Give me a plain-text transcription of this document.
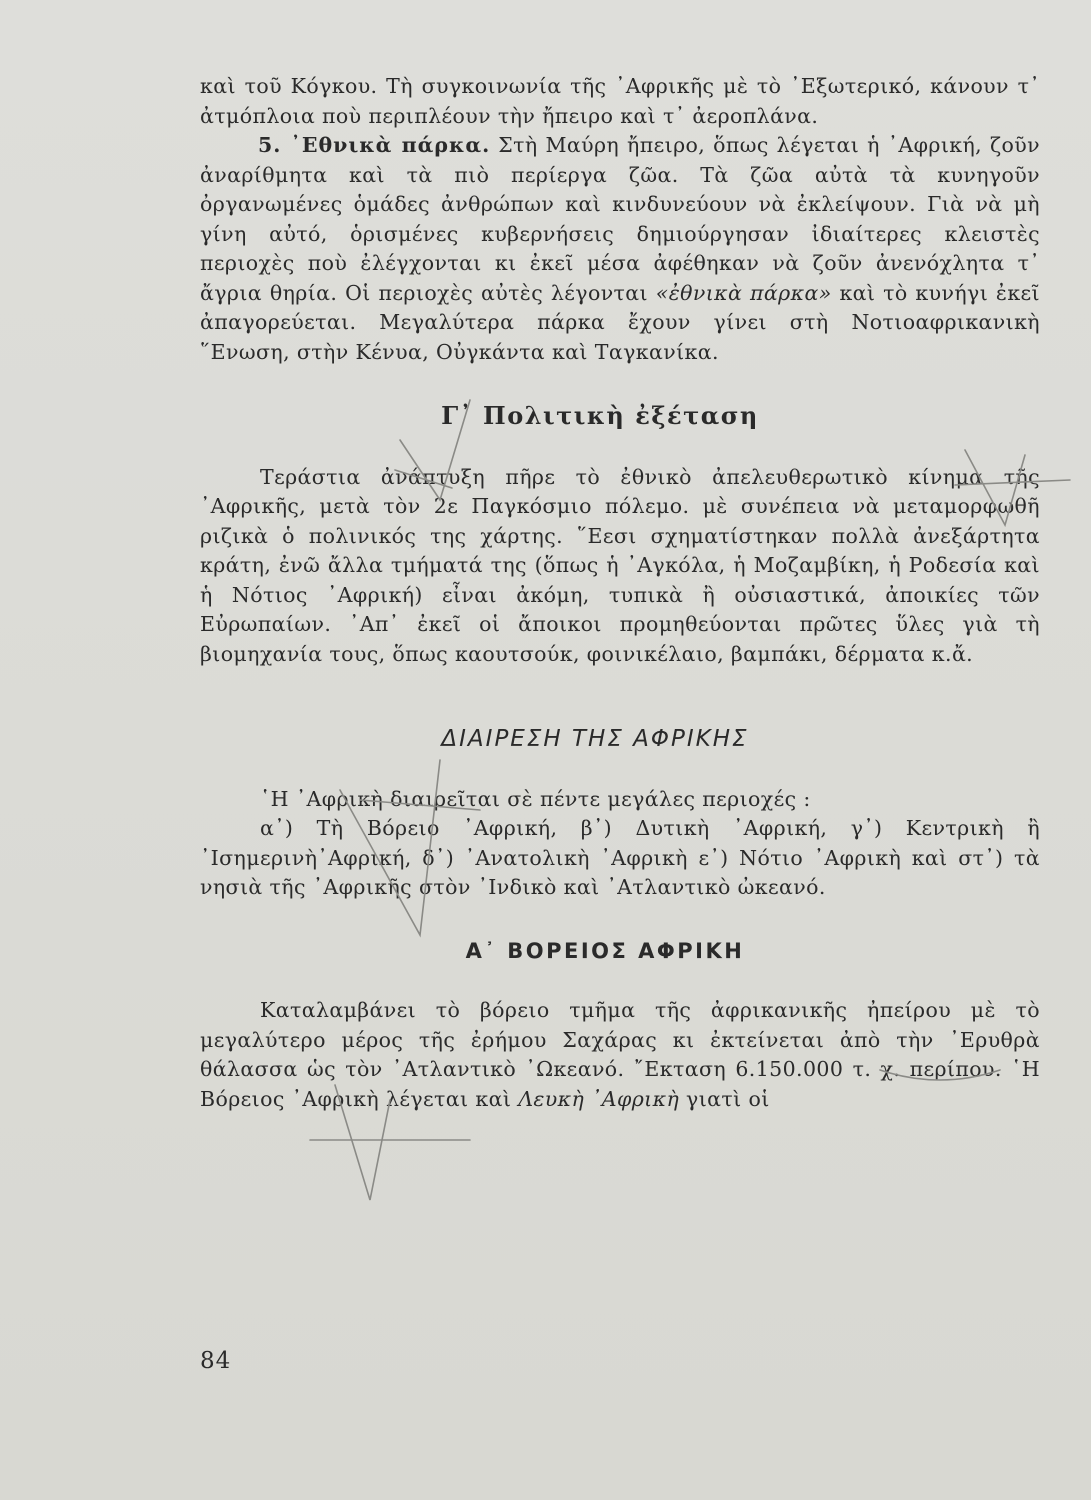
καὶ τοῦ Κόγκου. Τὴ συγκοινωνία τῆς ᾿Αφρικῆς μὲ τὸ ᾿Εξωτερικό, κάνουν τ᾿ ἀτμόπλοια ποὺ περιπλέουν τὴν ἤπειρο καὶ τ᾿ ἀεροπλάνα.

5. ᾿Εθνικὰ πάρκα. Στὴ Μαύρη ἤπειρο, ὅπως λέγεται ἡ ᾿Αφρική, ζοῦν ἀναρίθμητα καὶ τὰ πιὸ περίεργα ζῶα. Τὰ ζῶα αὐτὰ τὰ κυνηγοῦν ὀργανωμένες ὁμάδες ἀνθρώπων καὶ κινδυνεύουν νὰ ἐκλείψουν. Γιὰ νὰ μὴ γίνη αὐτό, ὁρισμένες κυβερνήσεις δημιούργησαν ἰδιαίτερες κλειστὲς περιοχὲς ποὺ ἐλέγχονται κι ἐκεῖ μέσα ἀφέθηκαν νὰ ζοῦν ἀνενόχλητα τ᾿ ἄγρια θηρία. Οἱ περιοχὲς αὐτὲς λέγονται «ἐθνικὰ πάρκα» καὶ τὸ κυνήγι ἐκεῖ ἀπαγορεύεται. Μεγαλύτερα πάρκα ἔχουν γίνει στὴ Νοτιοαφρικανικὴ ῞Ενωση, στὴν Κένυα, Οὐγκάντα καὶ Ταγκανίκα.

Γ᾿ Πολιτικὴ ἐξέταση

Τεράστια ἀνάπτυξη πῆρε τὸ ἐθνικὸ ἀπελευθερωτικὸ κίνημα τῆς ᾿Αφρικῆς, μετὰ τὸν 2ε Παγκόσμιο πόλεμο. μὲ συνέπεια νὰ μεταμορφωθῆ ριζικὰ ὁ πολινικός της χάρτης. ῞Εεσι σχηματίστηκαν πολλὰ ἀνεξάρτητα κράτη, ἐνῶ ἄλλα τμήματά της (ὅπως ἡ ᾿Αγκόλα, ἡ Μοζαμβίκη, ἡ Ροδεσία καὶ ἡ Νότιος ᾿Αφρική) εἶναι ἀκόμη, τυπικὰ ἢ οὐσιαστικά, ἀποικίες τῶν Εὐρωπαίων. ᾿Απ᾿ ἐκεῖ οἱ ἄποικοι προμηθεύονται πρῶτες ὕλες γιὰ τὴ βιομηχανία τους, ὅπως καουτσούκ, φοινικέλαιο, βαμπάκι, δέρματα κ.ἄ.

ΔΙΑΙΡΕΣΗ ΤΗΣ ΑΦΡΙΚΗΣ

῾Η ᾿Αφρικὴ διαιρεῖται σὲ πέντε μεγάλες περιοχές :

α᾿) Τὴ Βόρειο ᾿Αφρική, β᾿) Δυτικὴ ᾿Αφρική, γ᾿) Κεντρικὴ ἢ ᾿Ισημερινὴ᾿Αφρική, δ᾿) ᾿Ανατολικὴ ᾿Αφρικὴ ε᾿) Νότιο ᾿Αφρικὴ καὶ στ᾿) τὰ νησιὰ τῆς ᾿Αφρικῆς στὸν ᾿Ινδικὸ καὶ ᾿Ατλαντικὸ ὠκεανό.

Α᾿ ΒΟΡΕΙΟΣ ΑΦΡΙΚΗ

Καταλαμβάνει τὸ βόρειο τμῆμα τῆς ἀφρικανικῆς ἠπείρου μὲ τὸ μεγαλύτερο μέρος τῆς ἐρήμου Σαχάρας κι ἐκτείνεται ἀπὸ τὴν ᾿Ερυθρὰ θάλασσα ὡς τὸν ᾿Ατλαντικὸ ᾿Ωκεανό. ῎Εκταση 6.150.000 τ. χ. περίπου. ῾Η Βόρειος ᾿Αφρικὴ λέγεται καὶ Λευκὴ ᾿Αφρικὴ γιατὶ οἱ

84
